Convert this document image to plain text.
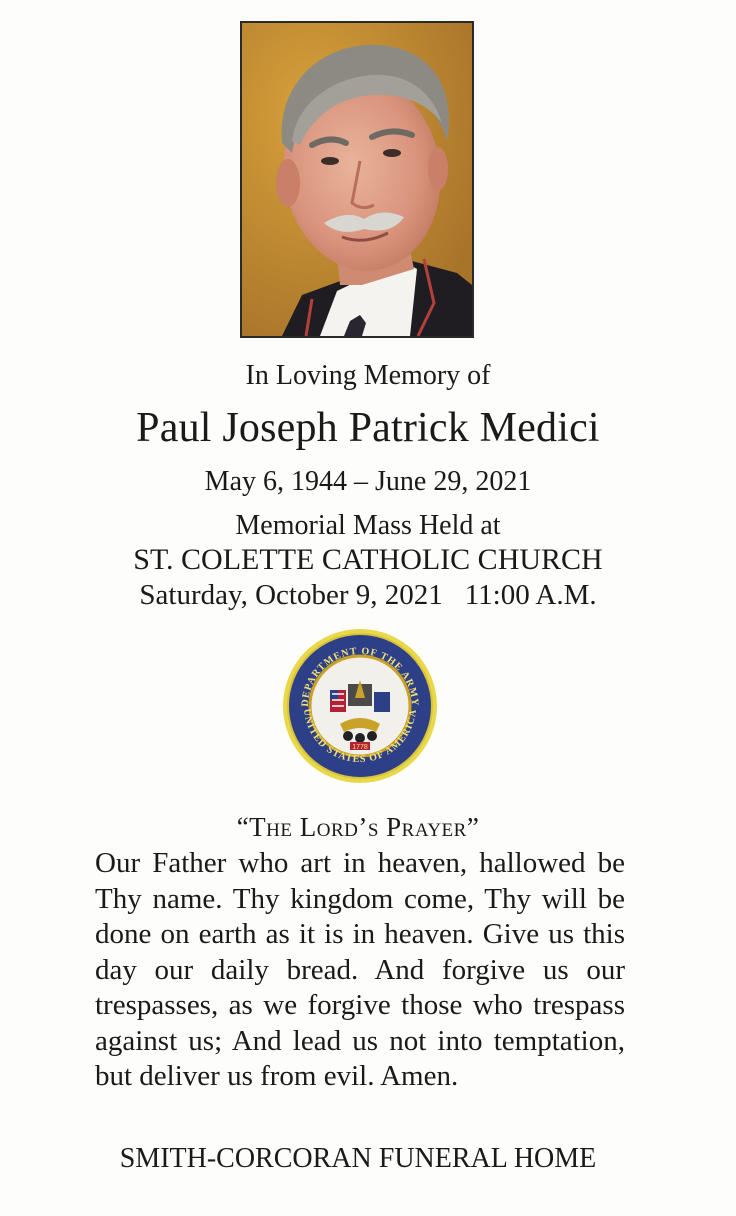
In Loving Memory of
Paul Joseph Patrick Medici
May 6, 1944 – June 29, 2021
Memorial Mass Held at
ST. COLETTE CATHOLIC CHURCH
Saturday, October 9, 2021 11:00 A.M.
DEPARTMENT OF THE ARMY
UNITED STATES OF AMERICA
1778
“The Lord’s Prayer”
Our Father who art in heaven, hallowed be Thy name. Thy kingdom come, Thy will be done on earth as it is in heaven. Give us this day our daily bread. And forgive us our trespasses, as we forgive those who trespass against us; And lead us not into temptation, but deliver us from evil. Amen.
SMITH-CORCORAN FUNERAL HOME
